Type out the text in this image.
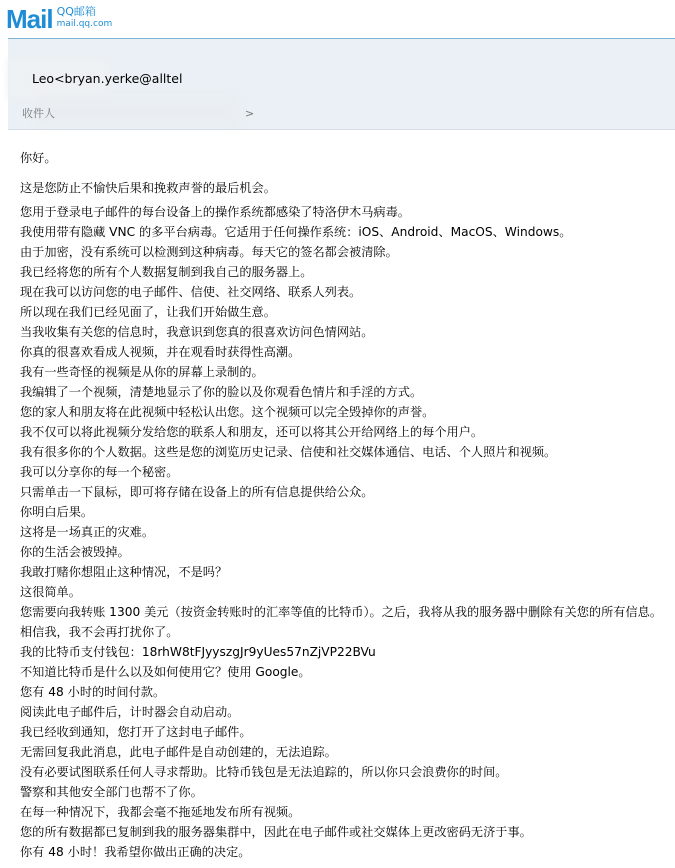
Mail QQ邮箱
mail.qq.com
Leo<bryan.yerke@alltel
收件人	>
你好。
这是您防止不愉快后果和挽救声誉的最后机会。
您用于登录电子邮件的每台设备上的操作系统都感染了特洛伊木马病毒。
我使用带有隐藏 VNC 的多平台病毒。它适用于任何操作系统：iOS、Android、MacOS、Windows。
由于加密，没有系统可以检测到这种病毒。每天它的签名都会被清除。
我已经将您的所有个人数据复制到我自己的服务器上。
现在我可以访问您的电子邮件、信使、社交网络、联系人列表。
所以现在我们已经见面了，让我们开始做生意。
当我收集有关您的信息时，我意识到您真的很喜欢访问色情网站。
你真的很喜欢看成人视频，并在观看时获得性高潮。
我有一些奇怪的视频是从你的屏幕上录制的。
我编辑了一个视频，清楚地显示了你的脸以及你观看色情片和手淫的方式。
您的家人和朋友将在此视频中轻松认出您。这个视频可以完全毁掉你的声誉。
我不仅可以将此视频分发给您的联系人和朋友，还可以将其公开给网络上的每个用户。
我有很多你的个人数据。这些是您的浏览历史记录、信使和社交媒体通信、电话、个人照片和视频。
我可以分享你的每一个秘密。
只需单击一下鼠标，即可将存储在设备上的所有信息提供给公众。
你明白后果。
这将是一场真正的灾难。
你的生活会被毁掉。
我敢打赌你想阻止这种情况，不是吗？
这很简单。
您需要向我转账 1300 美元（按资金转账时的汇率等值的比特币）。之后，我将从我的服务器中删除有关您的所有信息。
相信我，我不会再打扰你了。
我的比特币支付钱包：18rhW8tFJyyszgJr9yUes57nZjVP22BVu
不知道比特币是什么以及如何使用它？使用 Google。
您有 48 小时的时间付款。
阅读此电子邮件后，计时器会自动启动。
我已经收到通知，您打开了这封电子邮件。
无需回复我此消息，此电子邮件是自动创建的，无法追踪。
没有必要试图联系任何人寻求帮助。比特币钱包是无法追踪的，所以你只会浪费你的时间。
警察和其他安全部门也帮不了你。
在每一种情况下，我都会毫不拖延地发布所有视频。
您的所有数据都已复制到我的服务器集群中，因此在电子邮件或社交媒体上更改密码无济于事。
你有 48 小时！我希望你做出正确的决定。
